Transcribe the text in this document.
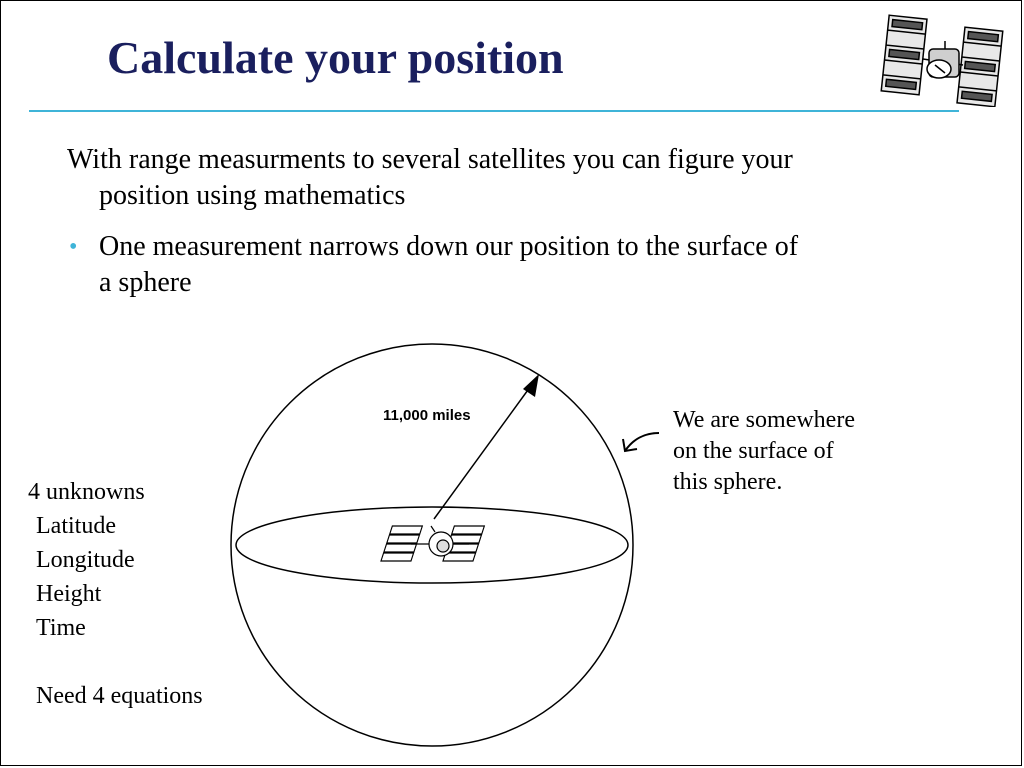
Calculate your position
With range measurments to several satellites you can figure your
position using mathematics
• One measurement narrows down our position to the surface of
a sphere
11,000 miles	We are somewhere
on the surface of
this sphere.
4 unknowns
Latitude
Longitude
Height
Time
Need 4 equations
